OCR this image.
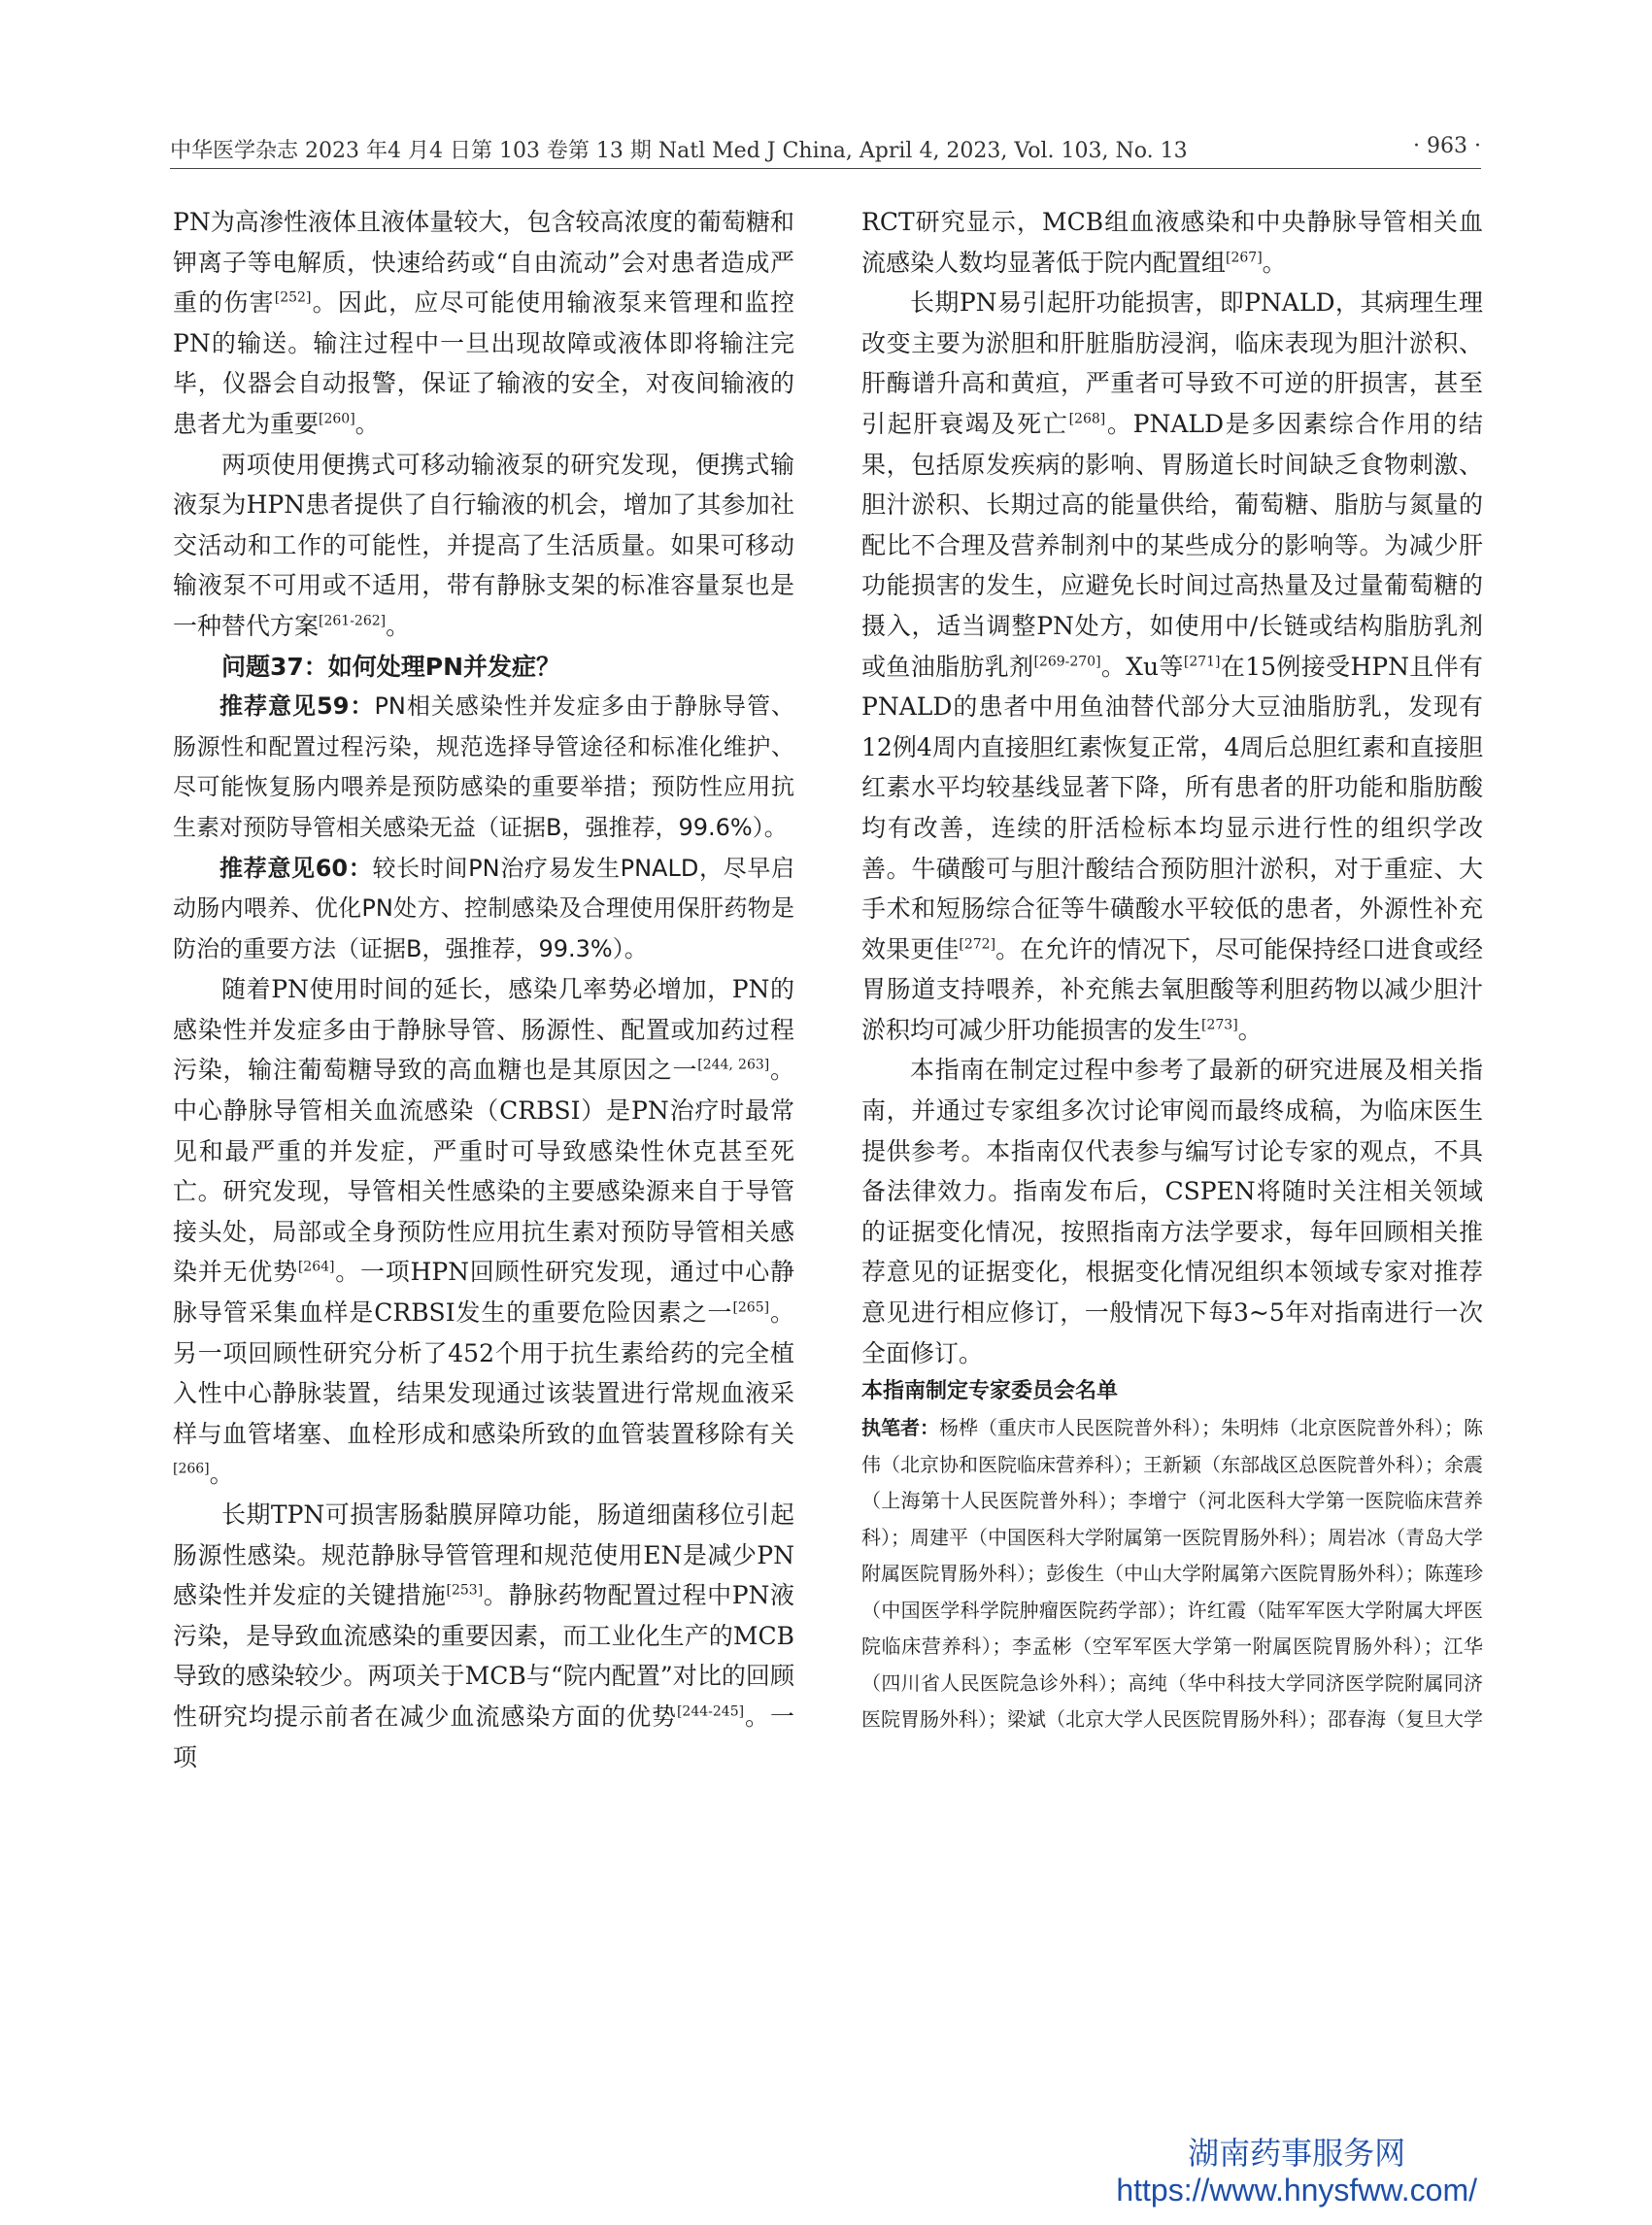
中华医学杂志 2023 年4 月4 日第 103 卷第 13 期 Natl Med J China, April 4, 2023, Vol. 103, No. 13	· 963 ·

PN为高渗性液体且液体量较大，包含较高浓度的葡萄糖和钾离子等电解质，快速给药或“自由流动”会对患者造成严重的伤害[252]。因此，应尽可能使用输液泵来管理和监控PN的输送。输注过程中一旦出现故障或液体即将输注完毕，仪器会自动报警，保证了输液的安全，对夜间输液的患者尤为重要[260]。

两项使用便携式可移动输液泵的研究发现，便携式输液泵为HPN患者提供了自行输液的机会，增加了其参加社交活动和工作的可能性，并提高了生活质量。如果可移动输液泵不可用或不适用，带有静脉支架的标准容量泵也是一种替代方案[261-262]。

问题37：如何处理PN并发症？

推荐意见59：PN相关感染性并发症多由于静脉导管、肠源性和配置过程污染，规范选择导管途径和标准化维护、尽可能恢复肠内喂养是预防感染的重要举措；预防性应用抗生素对预防导管相关感染无益（证据B，强推荐，99.6%）。

推荐意见60：较长时间PN治疗易发生PNALD，尽早启动肠内喂养、优化PN处方、控制感染及合理使用保肝药物是防治的重要方法（证据B，强推荐，99.3%）。

随着PN使用时间的延长，感染几率势必增加，PN的感染性并发症多由于静脉导管、肠源性、配置或加药过程污染，输注葡萄糖导致的高血糖也是其原因之一[244, 263]。中心静脉导管相关血流感染（CRBSI）是PN治疗时最常见和最严重的并发症，严重时可导致感染性休克甚至死亡。研究发现，导管相关性感染的主要感染源来自于导管接头处，局部或全身预防性应用抗生素对预防导管相关感染并无优势[264]。一项HPN回顾性研究发现，通过中心静脉导管采集血样是CRBSI发生的重要危险因素之一[265]。另一项回顾性研究分析了452个用于抗生素给药的完全植入性中心静脉装置，结果发现通过该装置进行常规血液采样与血管堵塞、血栓形成和感染所致的血管装置移除有关[266]。

长期TPN可损害肠黏膜屏障功能，肠道细菌移位引起肠源性感染。规范静脉导管管理和规范使用EN是减少PN感染性并发症的关键措施[253]。静脉药物配置过程中PN液污染，是导致血流感染的重要因素，而工业化生产的MCB导致的感染较少。两项关于MCB与“院内配置”对比的回顾性研究均提示前者在减少血流感染方面的优势[244-245]。一项

RCT研究显示，MCB组血液感染和中央静脉导管相关血流感染人数均显著低于院内配置组[267]。

长期PN易引起肝功能损害，即PNALD，其病理生理改变主要为淤胆和肝脏脂肪浸润，临床表现为胆汁淤积、肝酶谱升高和黄疸，严重者可导致不可逆的肝损害，甚至引起肝衰竭及死亡[268]。PNALD是多因素综合作用的结果，包括原发疾病的影响、胃肠道长时间缺乏食物刺激、胆汁淤积、长期过高的能量供给，葡萄糖、脂肪与氮量的配比不合理及营养制剂中的某些成分的影响等。为减少肝功能损害的发生，应避免长时间过高热量及过量葡萄糖的摄入，适当调整PN处方，如使用中/长链或结构脂肪乳剂或鱼油脂肪乳剂[269-270]。Xu等[271]在15例接受HPN且伴有PNALD的患者中用鱼油替代部分大豆油脂肪乳，发现有12例4周内直接胆红素恢复正常，4周后总胆红素和直接胆红素水平均较基线显著下降，所有患者的肝功能和脂肪酸均有改善，连续的肝活检标本均显示进行性的组织学改善。牛磺酸可与胆汁酸结合预防胆汁淤积，对于重症、大手术和短肠综合征等牛磺酸水平较低的患者，外源性补充效果更佳[272]。在允许的情况下，尽可能保持经口进食或经胃肠道支持喂养，补充熊去氧胆酸等利胆药物以减少胆汁淤积均可减少肝功能损害的发生[273]。

本指南在制定过程中参考了最新的研究进展及相关指南，并通过专家组多次讨论审阅而最终成稿，为临床医生提供参考。本指南仅代表参与编写讨论专家的观点，不具备法律效力。指南发布后，CSPEN将随时关注相关领域的证据变化情况，按照指南方法学要求，每年回顾相关推荐意见的证据变化，根据变化情况组织本领域专家对推荐意见进行相应修订，一般情况下每3~5年对指南进行一次全面修订。

本指南制定专家委员会名单

执笔者：杨桦（重庆市人民医院普外科）；朱明炜（北京医院普外科）；陈伟（北京协和医院临床营养科）；王新颖（东部战区总医院普外科）；余震（上海第十人民医院普外科）；李增宁（河北医科大学第一医院临床营养科）；周建平（中国医科大学附属第一医院胃肠外科）；周岩冰（青岛大学附属医院胃肠外科）；彭俊生（中山大学附属第六医院胃肠外科）；陈莲珍（中国医学科学院肿瘤医院药学部）；许红霞（陆军军医大学附属大坪医院临床营养科）；李孟彬（空军军医大学第一附属医院胃肠外科）；江华（四川省人民医院急诊外科）；高纯（华中科技大学同济医学院附属同济医院胃肠外科）；梁斌（北京大学人民医院胃肠外科）；邵春海（复旦大学

湖南药事服务网
https://www.hnysfww.com/
